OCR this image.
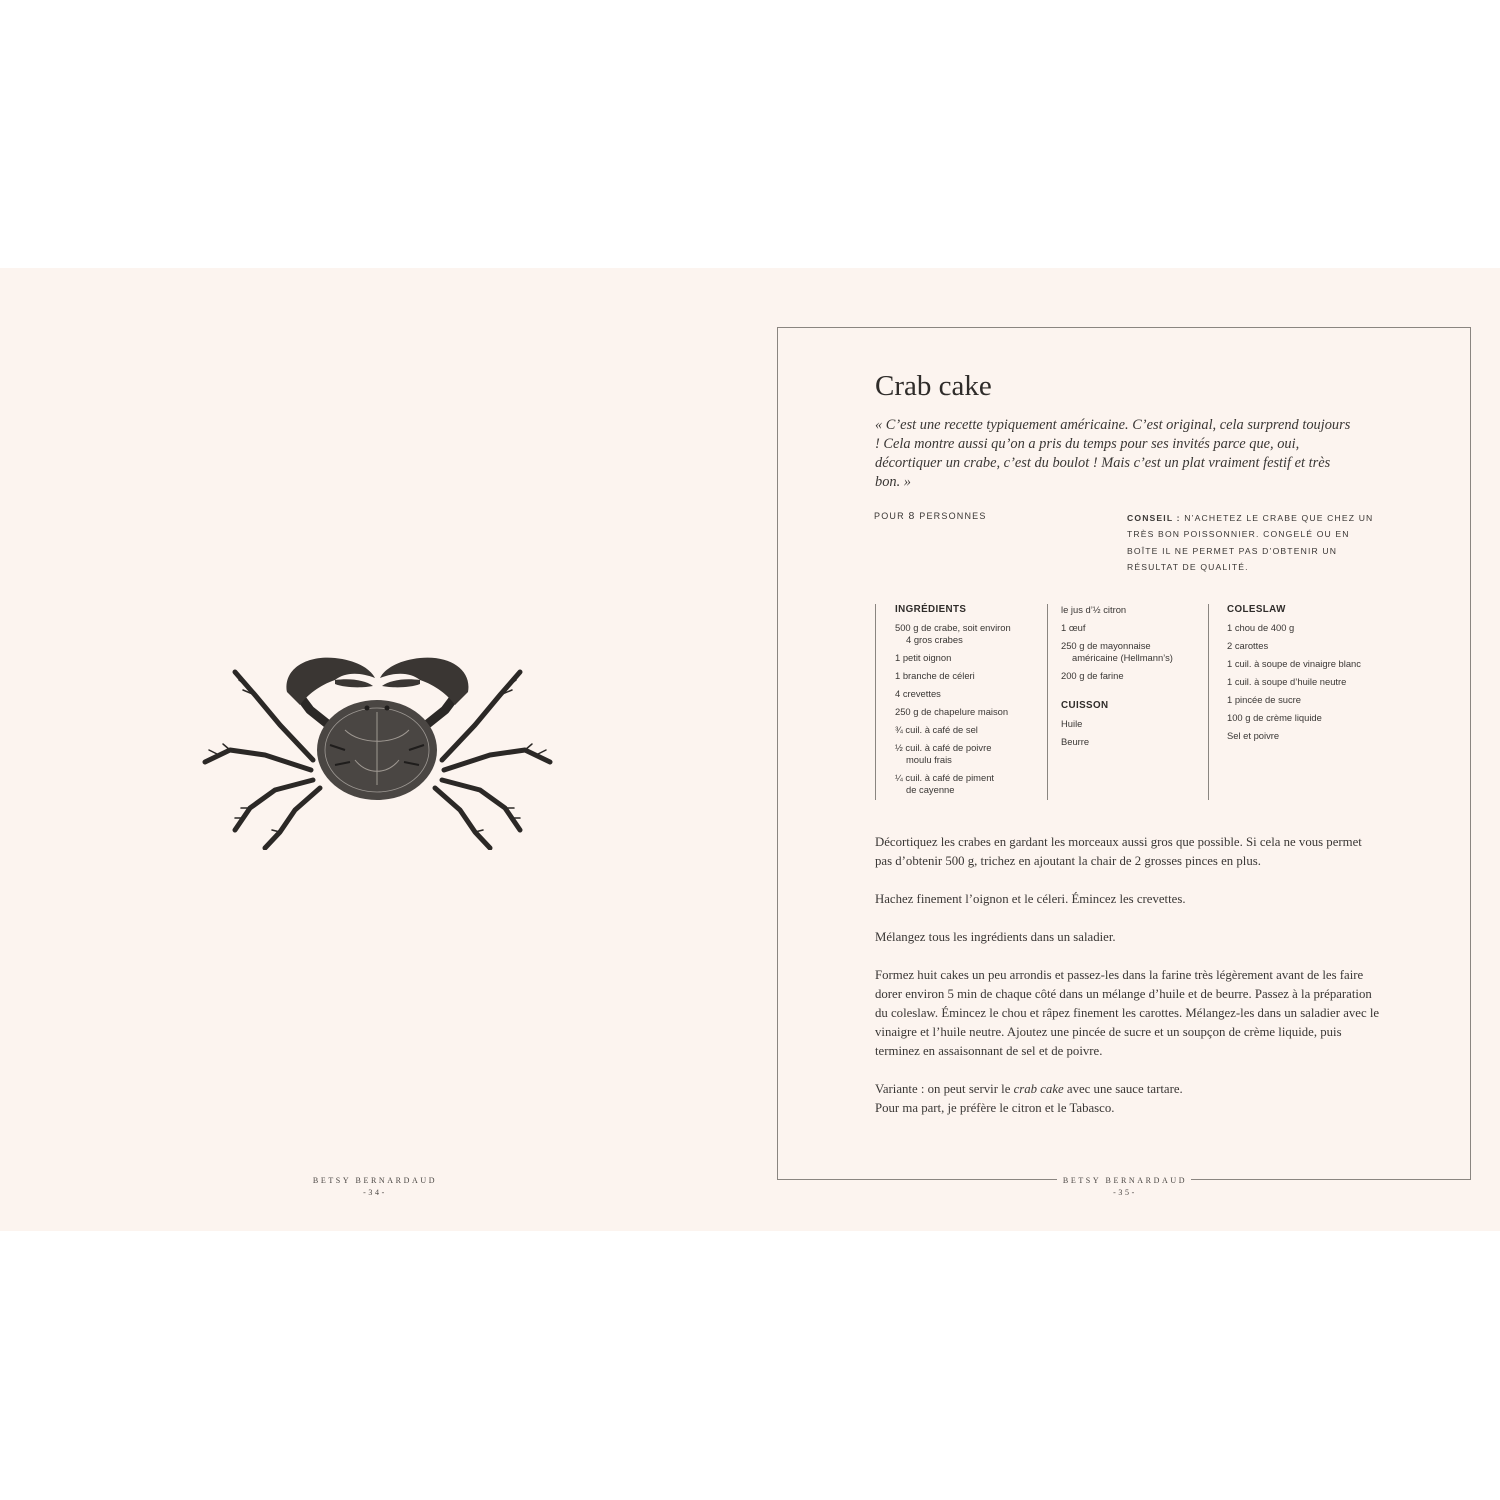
BETSY BERNARDAUD
-34-
Crab cake
« C’est une recette typiquement américaine. C’est original, cela surprend toujours ! Cela montre aussi qu’on a pris du temps pour ses invités parce que, oui, décortiquer un crabe, c’est du boulot ! Mais c’est un plat vraiment festif et très bon. »
POUR 8 PERSONNES	CONSEIL : N’ACHETEZ LE CRABE QUE CHEZ UN TRÈS BON POISSONNIER. CONGELÉ OU EN BOÎTE IL NE PERMET PAS D’OBTENIR UN RÉSULTAT DE QUALITÉ.
INGRÉDIENTS
500 g de crabe, soit environ
4 gros crabes
1 petit oignon
1 branche de céleri
4 crevettes
250 g de chapelure maison
¾ cuil. à café de sel
½ cuil. à café de poivre
moulu frais
¼ cuil. à café de piment
de cayenne
le jus d’½ citron
1 œuf
250 g de mayonnaise
américaine (Hellmann’s)
200 g de farine
CUISSON
Huile
Beurre
COLESLAW
1 chou de 400 g
2 carottes
1 cuil. à soupe de vinaigre blanc
1 cuil. à soupe d’huile neutre
1 pincée de sucre
100 g de crème liquide
Sel et poivre

Décortiquez les crabes en gardant les morceaux aussi gros que possible. Si cela ne vous permet pas d’obtenir 500 g, trichez en ajoutant la chair de 2 grosses pinces en plus.

Hachez finement l’oignon et le céleri. Émincez les crevettes.

Mélangez tous les ingrédients dans un saladier.

Formez huit cakes un peu arrondis et passez-les dans la farine très légèrement avant de les faire dorer environ 5 min de chaque côté dans un mélange d’huile et de beurre. Passez à la préparation du coleslaw. Émincez le chou et râpez finement les carottes. Mélangez-les dans un saladier avec le vinaigre et l’huile neutre. Ajoutez une pincée de sucre et un soupçon de crème liquide, puis terminez en assaisonnant de sel et de poivre.

Variante : on peut servir le crab cake avec une sauce tartare.
Pour ma part, je préfère le citron et le Tabasco.

BETSY BERNARDAUD
-35-
